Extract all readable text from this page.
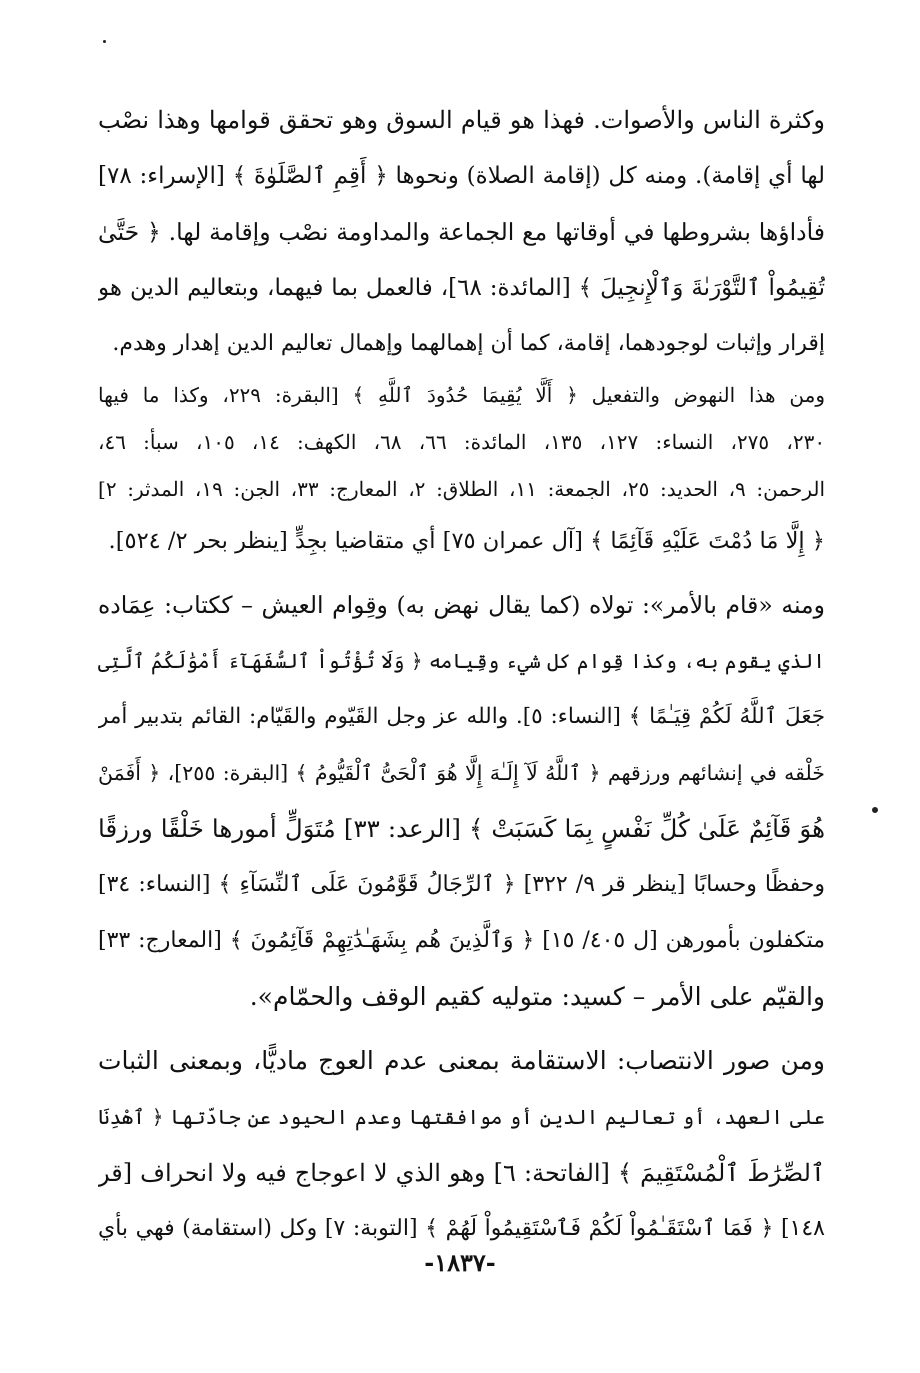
وكثرة الناس والأصوات. فهذا هو قيام السوق وهو تحقق قوامها وهذا نصْب
لها أي إقامة). ومنه كل (إقامة الصلاة) ونحوها ﴿ أَقِمِ ٱلصَّلَوٰةَ ﴾ [الإسراء: ٧٨]
فأداؤها بشروطها في أوقاتها مع الجماعة والمداومة نصْب وإقامة لها. ﴿ حَتَّىٰ
تُقِيمُواْ ٱلتَّوْرَىٰةَ وَٱلْإِنجِيلَ ﴾ [المائدة: ٦٨]، فالعمل بما فيهما، وبتعاليم الدين هو
إقرار وإثبات لوجودهما، إقامة، كما أن إهمالهما وإهمال تعاليم الدين إهدار وهدم.
ومن هذا النهوض والتفعيل ﴿ أَلَّا يُقِيمَا حُدُودَ ٱللَّهِ ﴾ [البقرة: ٢٢٩، وكذا ما فيها
٢٣٠، ٢٧٥، النساء: ١٢٧، ١٣٥، المائدة: ٦٦، ٦٨، الكهف: ١٤، ١٠٥، سبأ: ٤٦،
الرحمن: ٩، الحديد: ٢٥، الجمعة: ١١، الطلاق: ٢، المعارج: ٣٣، الجن: ١٩، المدثر: ٢]
﴿ إِلَّا مَا دُمْتَ عَلَيْهِ قَآئِمًا ﴾ [آل عمران ٧٥] أي متقاضيا بجِدٍّ [ينظر بحر ٢/ ٥٢٤].
ومنه «قام بالأمر»: تولاه (كما يقال نهض به) وقِوام العيش – ككتاب: عِمَاده
الذي يقوم به، وكذا قِوام كل شيء وقِيامه ﴿ وَلَا تُؤْتُواْ ٱلسُّفَهَآءَ أَمْوَٰلَكُمُ ٱلَّتِى
جَعَلَ ٱللَّهُ لَكُمْ قِيَـٰمًا ﴾ [النساء: ٥]. والله عز وجل القَيّوم والقَيّام: القائم بتدبير أمر
خَلْقه في إنشائهم ورزقهم ﴿ ٱللَّهُ لَآ إِلَـٰهَ إِلَّا هُوَ ٱلْحَىُّ ٱلْقَيُّومُ ﴾ [البقرة: ٢٥٥]، ﴿ أَفَمَنْ
هُوَ قَآئِمٌ عَلَىٰ كُلِّ نَفْسٍ بِمَا كَسَبَتْ ﴾ [الرعد: ٣٣] مُتَوَلٍّ أمورها خَلْقًا ورزقًا
وحفظًا وحسابًا [ينظر قر ٩/ ٣٢٢] ﴿ ٱلرِّجَالُ قَوَّٰمُونَ عَلَى ٱلنِّسَآءِ ﴾ [النساء: ٣٤]
متكفلون بأمورهن [ل ٤٠٥/ ١٥] ﴿ وَٱلَّذِينَ هُم بِشَهَـٰدَٰتِهِمْ قَآئِمُونَ ﴾ [المعارج: ٣٣]
والقيّم على الأمر – كسيد: متوليه كقيم الوقف والحمّام».
ومن صور الانتصاب: الاستقامة بمعنى عدم العوج ماديًّا، وبمعنى الثبات
على العهد، أو تعاليم الدين أو موافقتها وعدم الحيود عن جادّتها ﴿ ٱهْدِنَا
ٱلصِّرَٰطَ ٱلْمُسْتَقِيمَ ﴾ [الفاتحة: ٦] وهو الذي لا اعوجاج فيه ولا انحراف [قر
١٤٨] ﴿ فَمَا ٱسْتَقَـٰمُواْ لَكُمْ فَٱسْتَقِيمُواْ لَهُمْ ﴾ [التوبة: ٧] وكل (استقامة) فهي بأي
-١٨٣٧-
